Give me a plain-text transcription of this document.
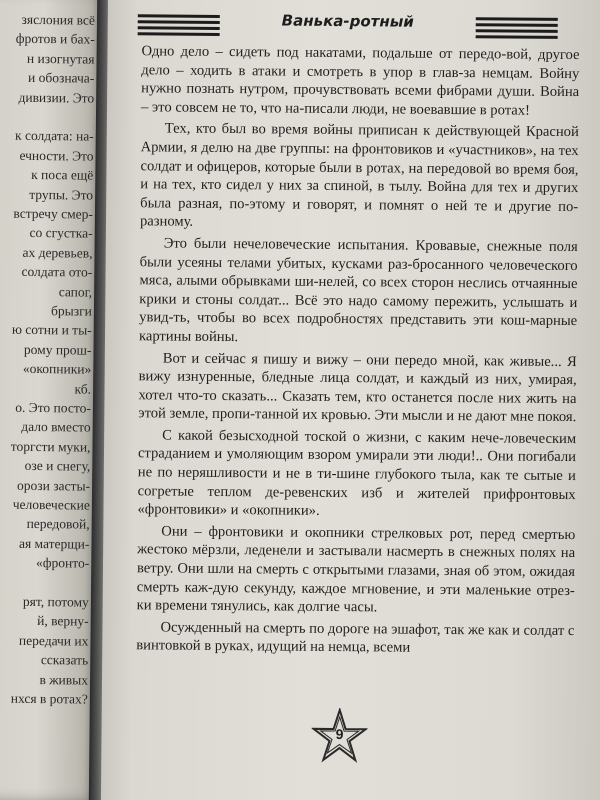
зяслония всё
фротов и бах-
н изогнутая
и обознача-
дивизии. Это
к солдата: на-
ечности. Это
к поса ещё
трупы. Это
встречу смер-
со сгустка-
ах деревьев,
солдата ото-
сапог,
брызги
ю сотни и ты-
рому прош-
«окопники»
кб.
о. Это посто-
дало вместо
торгсти муки,
озе и снегу,
орози засты-
человеческие
передовой,
ая матерщи-
«фронто-
рят, потому
й, верну-
передачи их
ссказать
в живых
нхся в ротах?
Ванька-ротный

Одно дело – сидеть под накатами, подальше от передо-вой, другое дело – ходить в атаки и смотреть в упор в глав-за немцам. Войну нужно познать нутром, прочувствовать всеми фибрами души. Война – это совсем не то, что на-писали люди, не воевавшие в ротах!

Тех, кто был во время войны приписан к действующей Красной Армии, я делю на две группы: на фронтовиков и «участников», на тех солдат и офицеров, которые были в ротах, на передовой во время боя, и на тех, кто сидел у них за спиной, в тылу. Война для тех и других была разная, по-этому и говорят, и помнят о ней те и другие по-разному.

Это были нечеловеческие испытания. Кровавые, снежные поля были усеяны телами убитых, кусками раз-бросанного человеческого мяса, алыми обрывками ши-нелей, со всех сторон неслись отчаянные крики и стоны солдат... Всё это надо самому пережить, услышать и увид-ть, чтобы во всех подробностях представить эти кош-марные картины войны.

Вот и сейчас я пишу и вижу – они передо мной, как живые... Я вижу изнуренные, бледные лица солдат, и каждый из них, умирая, хотел что-то сказать... Сказать тем, кто останется после них жить на этой земле, пропи-танной их кровью. Эти мысли и не дают мне покоя.

С какой безысходной тоской о жизни, с каким нече-ловеческим страданием и умоляющим взором умирали эти люди!.. Они погибали не по неряшливости и не в ти-шине глубокого тыла, как те сытые и согретые теплом де-ревенских изб и жителей прифронтовых «фронтовики» и «окопники».

Они – фронтовики и окопники стрелковых рот, перед смертью жестоко мёрзли, леденели и застывали насмерть в снежных полях на ветру. Они шли на смерть с открытыми глазами, зная об этом, ожидая смерть каж-дую секунду, каждое мгновение, и эти маленькие отрез-ки времени тянулись, как долгие часы.

Осужденный на смерть по дороге на эшафот, так же как и солдат с винтовкой в руках, идущий на немца, всеми

9
